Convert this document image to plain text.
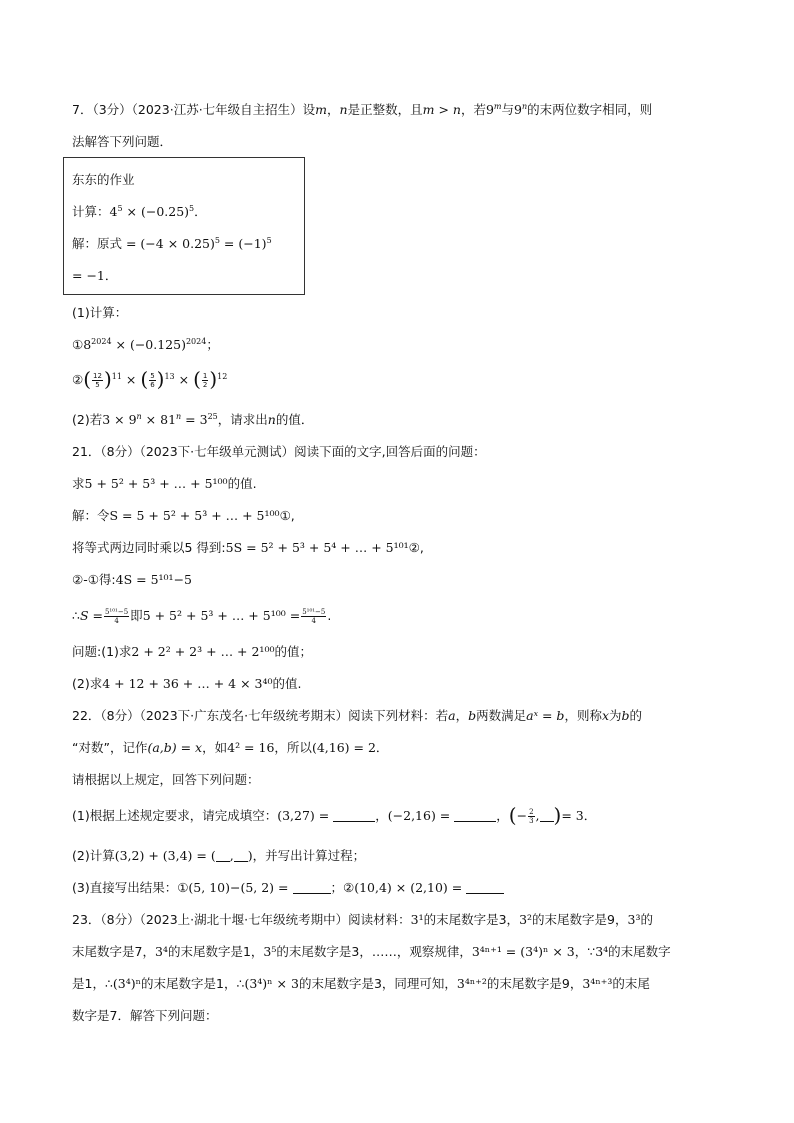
7．（3分）（2023·江苏·七年级自主招生）设m，n是正整数，且m > n，若9$^m$与9$^n$的末两位数字相同，则
法解答下列问题．
东东的作业
计算：$4^5 \times (-0.25)^5$．
解：原式 = $(-4 \times 0.25)^5 = (-1)^5$
= −1．
(1)计算：
$①8^{2024} \times (-0.125)^{2024}$；
②( $\frac{12}{5} )^{11}$ × ( $\frac{5}{6} )^{13}$ × ( $\frac{1}{2} )^{12}$
(2)若$3 \times 9^n \times 81^n = 3^{25}$，请求出n的值．
21．（8分）（2023下·七年级单元测试）阅读下面的文字,回答后面的问题：
求5 + 5² + 5³ + … + 5¹⁰⁰的值.
解：令S = 5 + 5² + 5³ + … + 5¹⁰⁰①,
将等式两边同时乘以5 得到:5S = 5² + 5³ + 5⁴ + … + 5¹⁰¹②,
②-①得:4S = 5¹⁰¹−5
∴S = $\frac{\text{5¹⁰¹−5}}{4}$ 即5 + 5² + 5³ + … + $5^{100} = \frac{\text{5¹⁰¹−5}}{4}$ .
问题:(1)求2 + 2² + 2³ + … + 2¹⁰⁰的值；
(2)求4 + 12 + 36 + … + 4 × 3⁴⁰的值.
22．（8分）（2023下·广东茂名·七年级统考期末）阅读下列材料：若a，b两数满足aˣ = b，则称x为b的
“对数”，记作(a,b) = x，如4² = 16，所以(4,16) = 2．
请根据以上规定，回答下列问题：
(1)根据上述规定要求，请完成填空：(3,27) =	，(−2,16) =	，(− $\frac{2}{3}$ , )= 3．
(2)计算(3,2) + (3,4) = ( , )，并写出计算过程；
(3)直接写出结果：①(5, 10)−(5, 2) =	；②(10,4) × (2,10) =
23．（8分）（2023上·湖北十堰·七年级统考期中）阅读材料：3¹的末尾数字是3，3²的末尾数字是9，3³的
末尾数字是7，3⁴的末尾数字是1，3⁵的末尾数字是3，……，观察规律，3⁴ⁿ⁺¹ = (3⁴)ⁿ × 3，∵3⁴的末尾数字
是1，∴(3⁴)ⁿ的末尾数字是1，∴(3⁴)ⁿ × 3的末尾数字是3，同理可知，3⁴ⁿ⁺²的末尾数字是9，3⁴ⁿ⁺³的末尾
数字是7．解答下列问题：
